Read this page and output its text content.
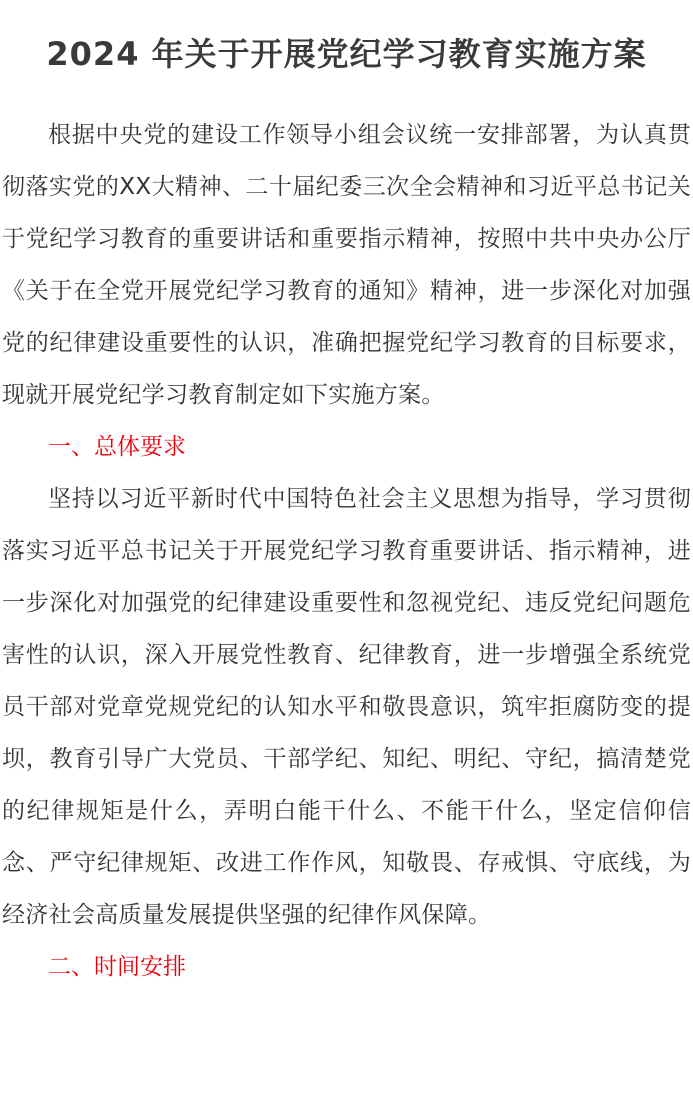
2024 年关于开展党纪学习教育实施方案

根据中央党的建设工作领导小组会议统一安排部署，为认真贯彻落实党的XX大精神、二十届纪委三次全会精神和习近平总书记关于党纪学习教育的重要讲话和重要指示精神，按照中共中央办公厅《关于在全党开展党纪学习教育的通知》精神，进一步深化对加强党的纪律建设重要性的认识，准确把握党纪学习教育的目标要求，现就开展党纪学习教育制定如下实施方案。

一、总体要求

坚持以习近平新时代中国特色社会主义思想为指导，学习贯彻落实习近平总书记关于开展党纪学习教育重要讲话、指示精神，进一步深化对加强党的纪律建设重要性和忽视党纪、违反党纪问题危害性的认识，深入开展党性教育、纪律教育，进一步增强全系统党员干部对党章党规党纪的认知水平和敬畏意识，筑牢拒腐防变的提坝，教育引导广大党员、干部学纪、知纪、明纪、守纪，搞清楚党的纪律规矩是什么，弄明白能干什么、不能干什么，坚定信仰信念、严守纪律规矩、改进工作作风，知敬畏、存戒惧、守底线，为经济社会高质量发展提供坚强的纪律作风保障。

二、时间安排
